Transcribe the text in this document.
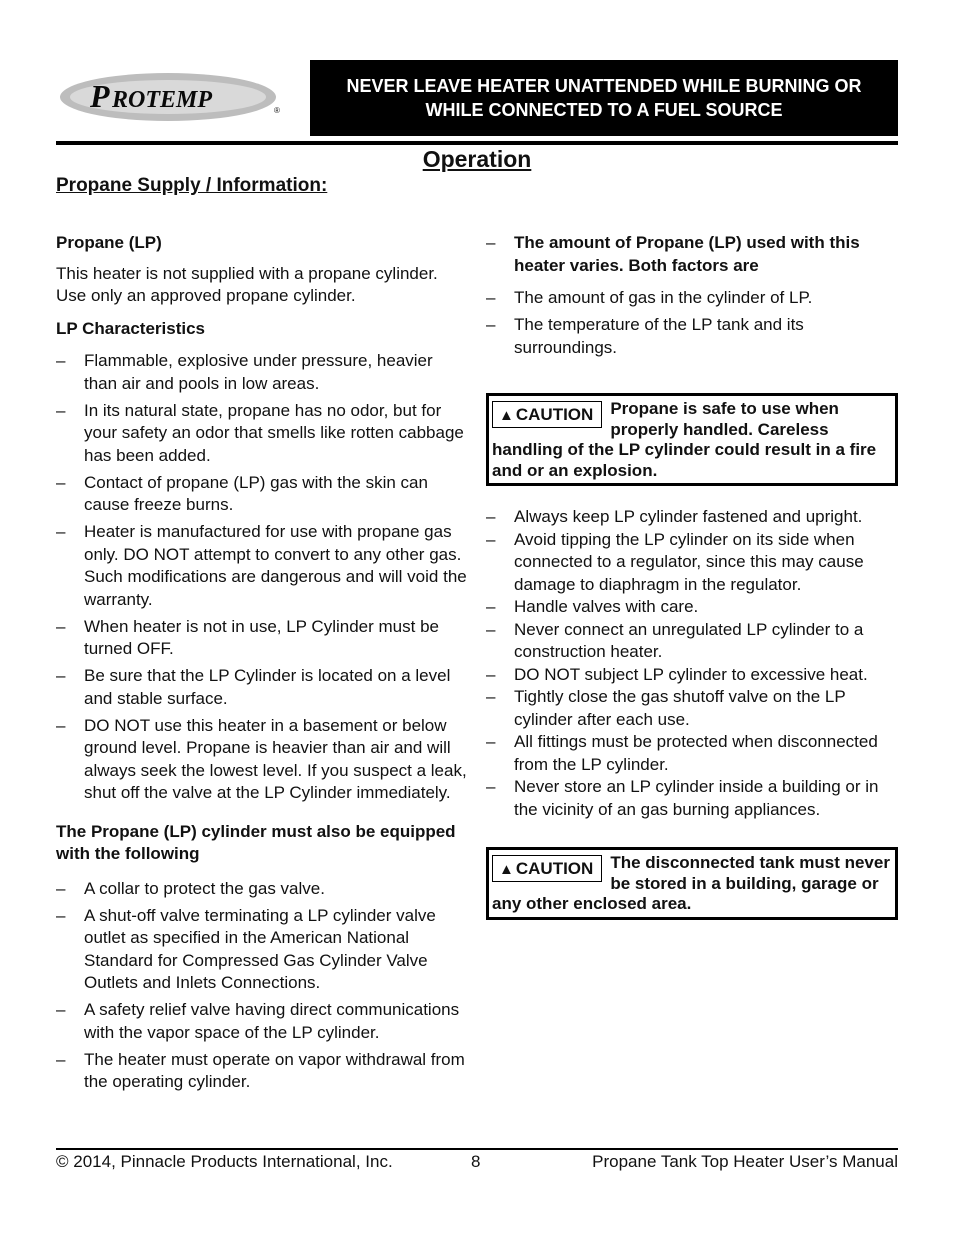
P ROTEMP	®
NEVER LEAVE HEATER UNATTENDED WHILE BURNING OR
WHILE CONNECTED TO A FUEL SOURCE
Operation
Propane Supply / Information:
Propane (LP)

This heater is not supplied with a propane cylinder. Use only an approved propane cylinder.

LP Characteristics
– Flammable, explosive under pressure, heavier than air and pools in low areas.
– In its natural state, propane has no odor, but for your safety an odor that smells like rotten cabbage has been added.
– Contact of propane (LP) gas with the skin can cause freeze burns.
– Heater is manufactured for use with propane gas only. DO NOT attempt to convert to any other gas. Such modifications are dangerous and will void the warranty.
– When heater is not in use, LP Cylinder must be turned OFF.
– Be sure that the LP Cylinder is located on a level and stable surface.
– DO NOT use this heater in a basement or below ground level. Propane is heavier than air and will always seek the lowest level. If you suspect a leak, shut off the valve at the LP Cylinder immediately.
The Propane (LP) cylinder must also be equipped with the following
– A collar to protect the gas valve.
– A shut-off valve terminating a LP cylinder valve outlet as specified in the American National Standard for Compressed Gas Cylinder Valve Outlets and Inlets Connections.
– A safety relief valve having direct communications with the vapor space of the LP cylinder.
– The heater must operate on vapor withdrawal from the operating cylinder.
– The amount of Propane (LP) used with this heater varies. Both factors are
– The amount of gas in the cylinder of LP.
– The temperature of the LP tank and its surroundings.
▲ CAUTION	Propane is safe to use when properly handled. Careless handling of the LP cylinder could result in a fire and or an explosion.
– Always keep LP cylinder fastened and upright.
– Avoid tipping the LP cylinder on its side when connected to a regulator, since this may cause damage to diaphragm in the regulator.
– Handle valves with care.
– Never connect an unregulated LP cylinder to a construction heater.
– DO NOT subject LP cylinder to excessive heat.
– Tightly close the gas shutoff valve on the LP cylinder after each use.
– All fittings must be protected when disconnected from the LP cylinder.
– Never store an LP cylinder inside a building or in the vicinity of an gas burning appliances.
▲ CAUTION	The disconnected tank must never be stored in a building, garage or any other enclosed area.
© 2014, Pinnacle Products International, Inc.	8	Propane Tank Top Heater User’s Manual
